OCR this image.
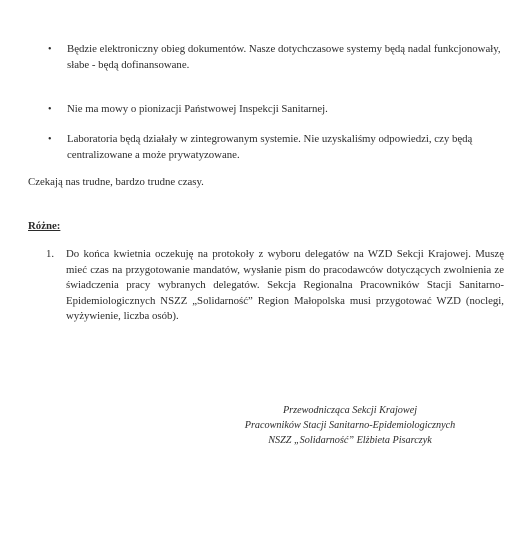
•	Będzie elektroniczny obieg dokumentów. Nasze dotychczasowe systemy będą nadal funkcjonowały, słabe - będą dofinansowane.
•	Nie ma mowy o pionizacji Państwowej Inspekcji Sanitarnej.
•	Laboratoria będą działały w zintegrowanym systemie. Nie uzyskaliśmy odpowiedzi, czy będą centralizowane a może prywatyzowane.
Czekają nas trudne, bardzo trudne czasy.
Różne:
1.	Do końca kwietnia oczekuję na protokoły z wyboru delegatów na WZD Sekcji Krajowej. Muszę mieć czas na przygotowanie mandatów, wysłanie pism do pracodawców dotyczących zwolnienia ze świadczenia pracy wybranych delegatów. Sekcja Regionalna Pracowników Stacji Sanitarno-Epidemiologicznych NSZZ „Solidarność” Region Małopolska musi przygotować WZD (noclegi, wyżywienie, liczba osób).
Przewodnicząca Sekcji Krajowej
Pracowników Stacji Sanitarno-Epidemiologicznych
NSZZ „Solidarność” Elżbieta Pisarczyk
